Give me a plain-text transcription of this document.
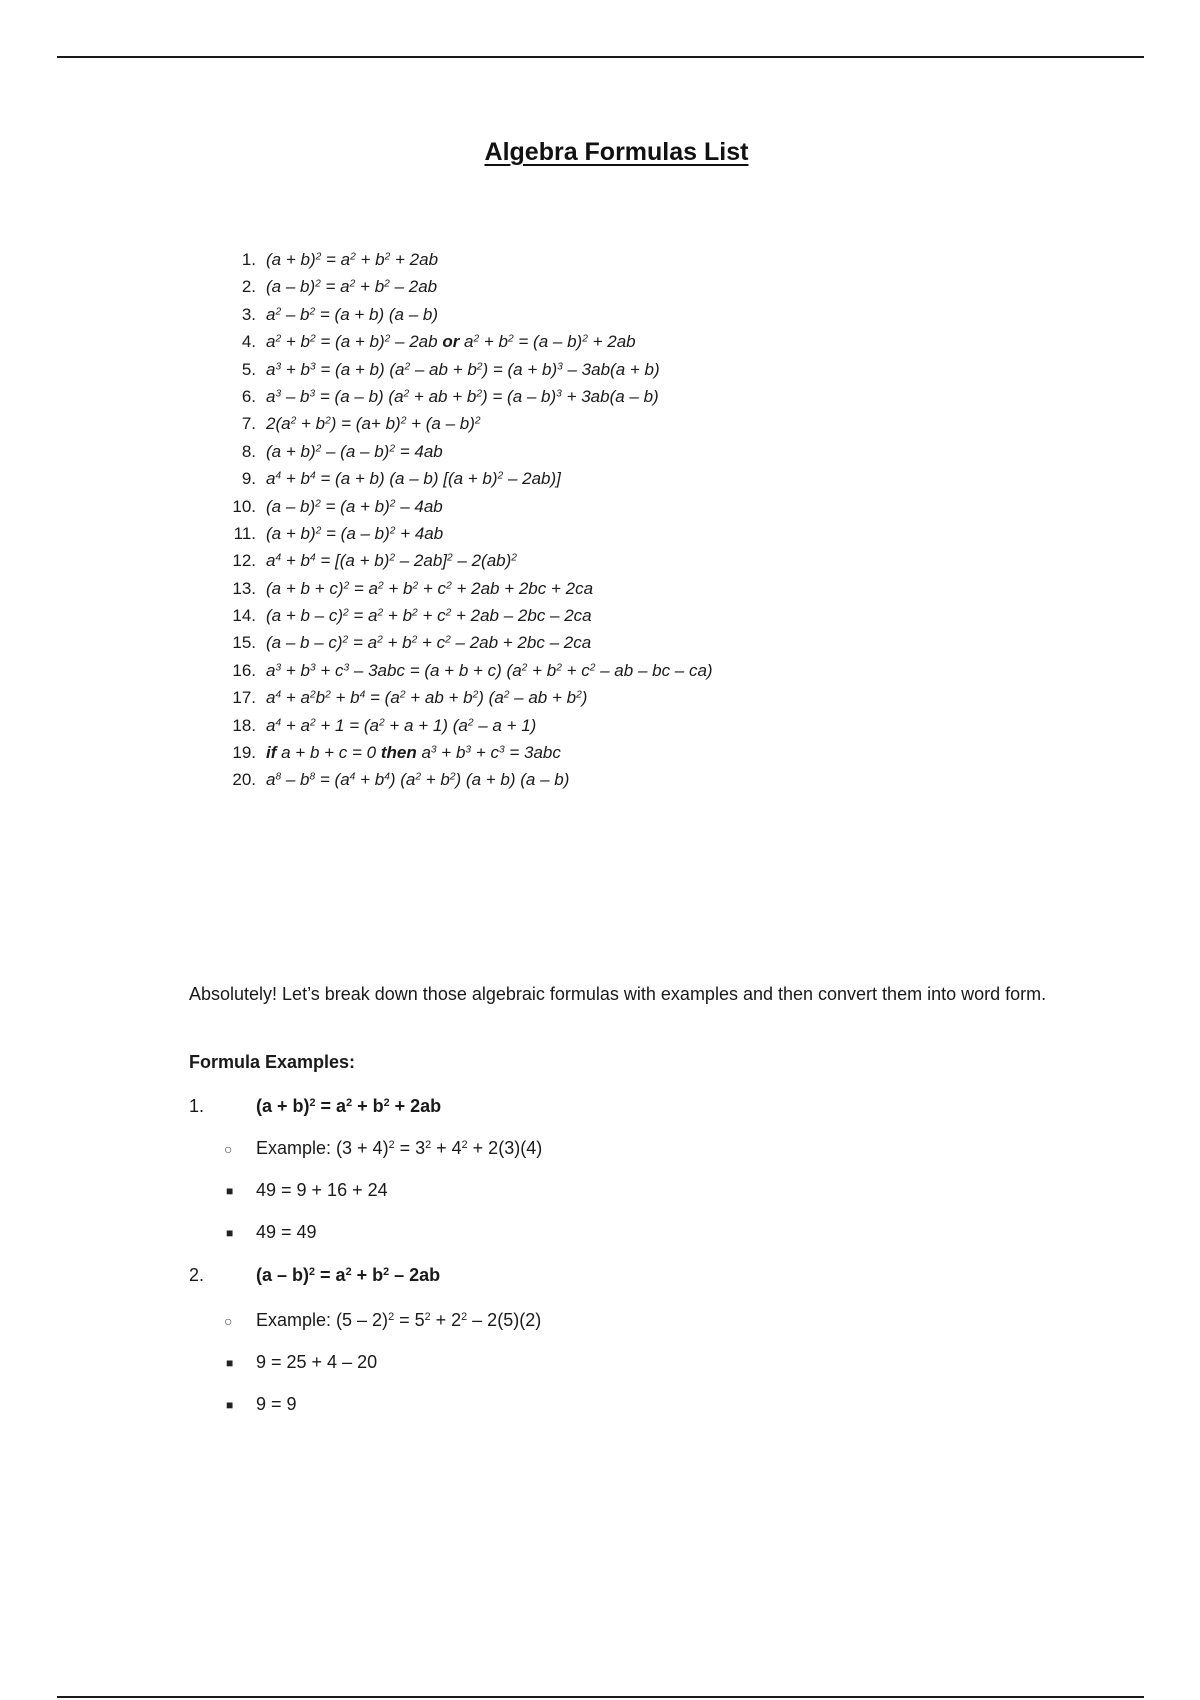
Algebra Formulas List
1. $(a + b)^2 = a^2 + b^2 + 2ab$
2. $(a - b)^2 = a^2 + b^2 - 2ab$
3. $a^2 - b^2 = (a + b)$ (a – b)
4. $a^2 + b^2 = (a + b)^2 - 2ab$ or $a^2 + b^2 = (a - b)^2 + 2ab$
5. $a^3 + b^3 = (a + b)$ ($a^2$ – ab + $b^2) = (a + b)^3 - 3ab(a + b)$
6. $a^3 - b^3 = (a - b) (a^2$ + ab + $b^2) = (a - b)^3 + 3ab(a - b)$
7. $2(a^2 + b^2) = (a+ b)^2 + (a - b)^2$
8. $(a + b)^2 - (a - b)^2 = 4ab$
9. $a^4 + b^4 = (a + b)$ (a – b) $[(a + b)^2 - 2ab)$]
10. $(a - b)^2 = (a + b)^2 - 4ab$
11. $(a + b)^2 = (a - b)^2 + 4ab$
12. $a^4 + b^4 = [(a + b)^2 - 2ab]^2 - 2(ab)^2$
13. $(a + b + c)^2 = a^2 + b^2 + c^2 + 2ab + 2bc + 2ca$
14. $(a + b - c)^2 = a^2 + b^2 + c^2 + 2ab - 2bc - 2ca$
15. $(a - b - c)^2 = a^2 + b^2 + c^2 - 2ab + 2bc - 2ca$
16. $a^3 + b^3 + c^3 - 3abc = (a + b + c) (a^2 + b^2 + c^2$ – ab – bc – ca)
17. $a^4 + a^2b^2 + b^4 = (a^2$ + ab + $b^2$) ($a^2$ – ab + $b^2$)
18. $a^4 + a^2 + 1 = (a^2 + a + 1)$ $(a^2 - a + 1)$
19. if a + b + c = 0 then $a^3 + b^3 + c^3 = 3abc$
20. $a^8 - b^8 = (a^4 + b^4) (a^2 + b^2) (a + b)$ (a – b)
Absolutely! Let’s break down those algebraic formulas with examples and then convert them into word form.
Formula Examples:
1.	$(a + b)^2 = a^2 + b^2 + 2ab$
○ Example: $(3 + 4)^2 = 3^2 + 4^2 + 2(3)(4)$
■ 49 = 9 + 16 + 24
■ 49 = 49
2.	$(a - b)^2 = a^2 + b^2 - 2ab$
○ Example: $(5 - 2)^2 = 5^2 + 2^2 - 2(5)(2)$
■ 9 = 25 + 4 – 20
■ 9 = 9
